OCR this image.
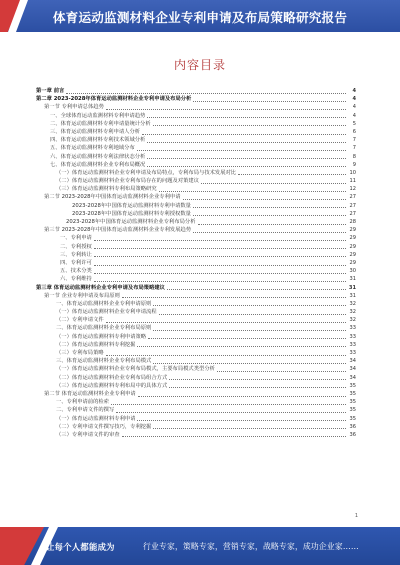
体育运动监测材料企业专利申请及布局策略研究报告
内容目录
第一章 前言	4
第二章 2023-2028年体育运动监测材料企业专利申请及布局分析	4
第一节 专利申请总体趋势	4
一、全球体育运动监测材料专利申请趋势	4
二、体育运动监测材料专利申请量统计分析	5
三、体育运动监测材料专利申请人分析	6
四、体育运动监测材料专利技术领域分析	7
五、体育运动监测材料专利地域分布	7
六、体育运动监测材料专利法律状态分析	8
七、体育运动监测材料企业专利布局概况	9
（一）体育运动监测材料企业专利申请及布局特点，专利布局与技术发展对比	10
（二）体育运动监测材料企业专利布局存在的问题及对策建议	11
（三）体育运动监测材料专利布局策略研究	12
第二节 2023-2028年中国体育运动监测材料企业专利申请	27
2023-2028年中国体育运动监测材料专利申请数量	27
2023-2028年中国体育运动监测材料专利授权数量	27
2023-2028年中国体育运动监测材料企业专利布局分析	28
第三节 2023-2028年中国体育运动监测材料企业专利发展趋势	29
一、专利申请	29
二、专利授权	29
三、专利转让	29
四、专利许可	29
五、技术分类	30
六、专利维持	31
第三章 体育运动监测材料企业专利申请及布局策略建议	31
第一节 企业专利申请及布局原则	31
一、体育运动监测材料企业专利申请原则	32
（一）体育运动监测材料企业专利申请流程	32
（二）专利申请文件	32
二、体育运动监测材料企业专利布局原则	33
（一）体育运动监测材料专利申请策略	33
（二）体育运动监测材料专利挖掘	33
（三）专利布局策略	33
三、体育运动监测材料企业专利布局模式	34
（一）体育运动监测材料企业专利布局模式，主要布局模式类型分析	34
（二）体育运动监测材料企业专利布局组合方式	34
（三）体育运动监测材料专利布局中的具体方式	35
第二节 体育运动监测材料企业专利申请	35
一、专利申请前的检索	35
二、专利申请文件的撰写	35
（一）体育运动监测材料专利申请	35
（二）专利申请文件撰写技巧，专利挖掘	36
（三）专利申请文件的审查	36
1
让每个人都能成为	行业专家，策略专家，营销专家，战略专家，成功企业家……
